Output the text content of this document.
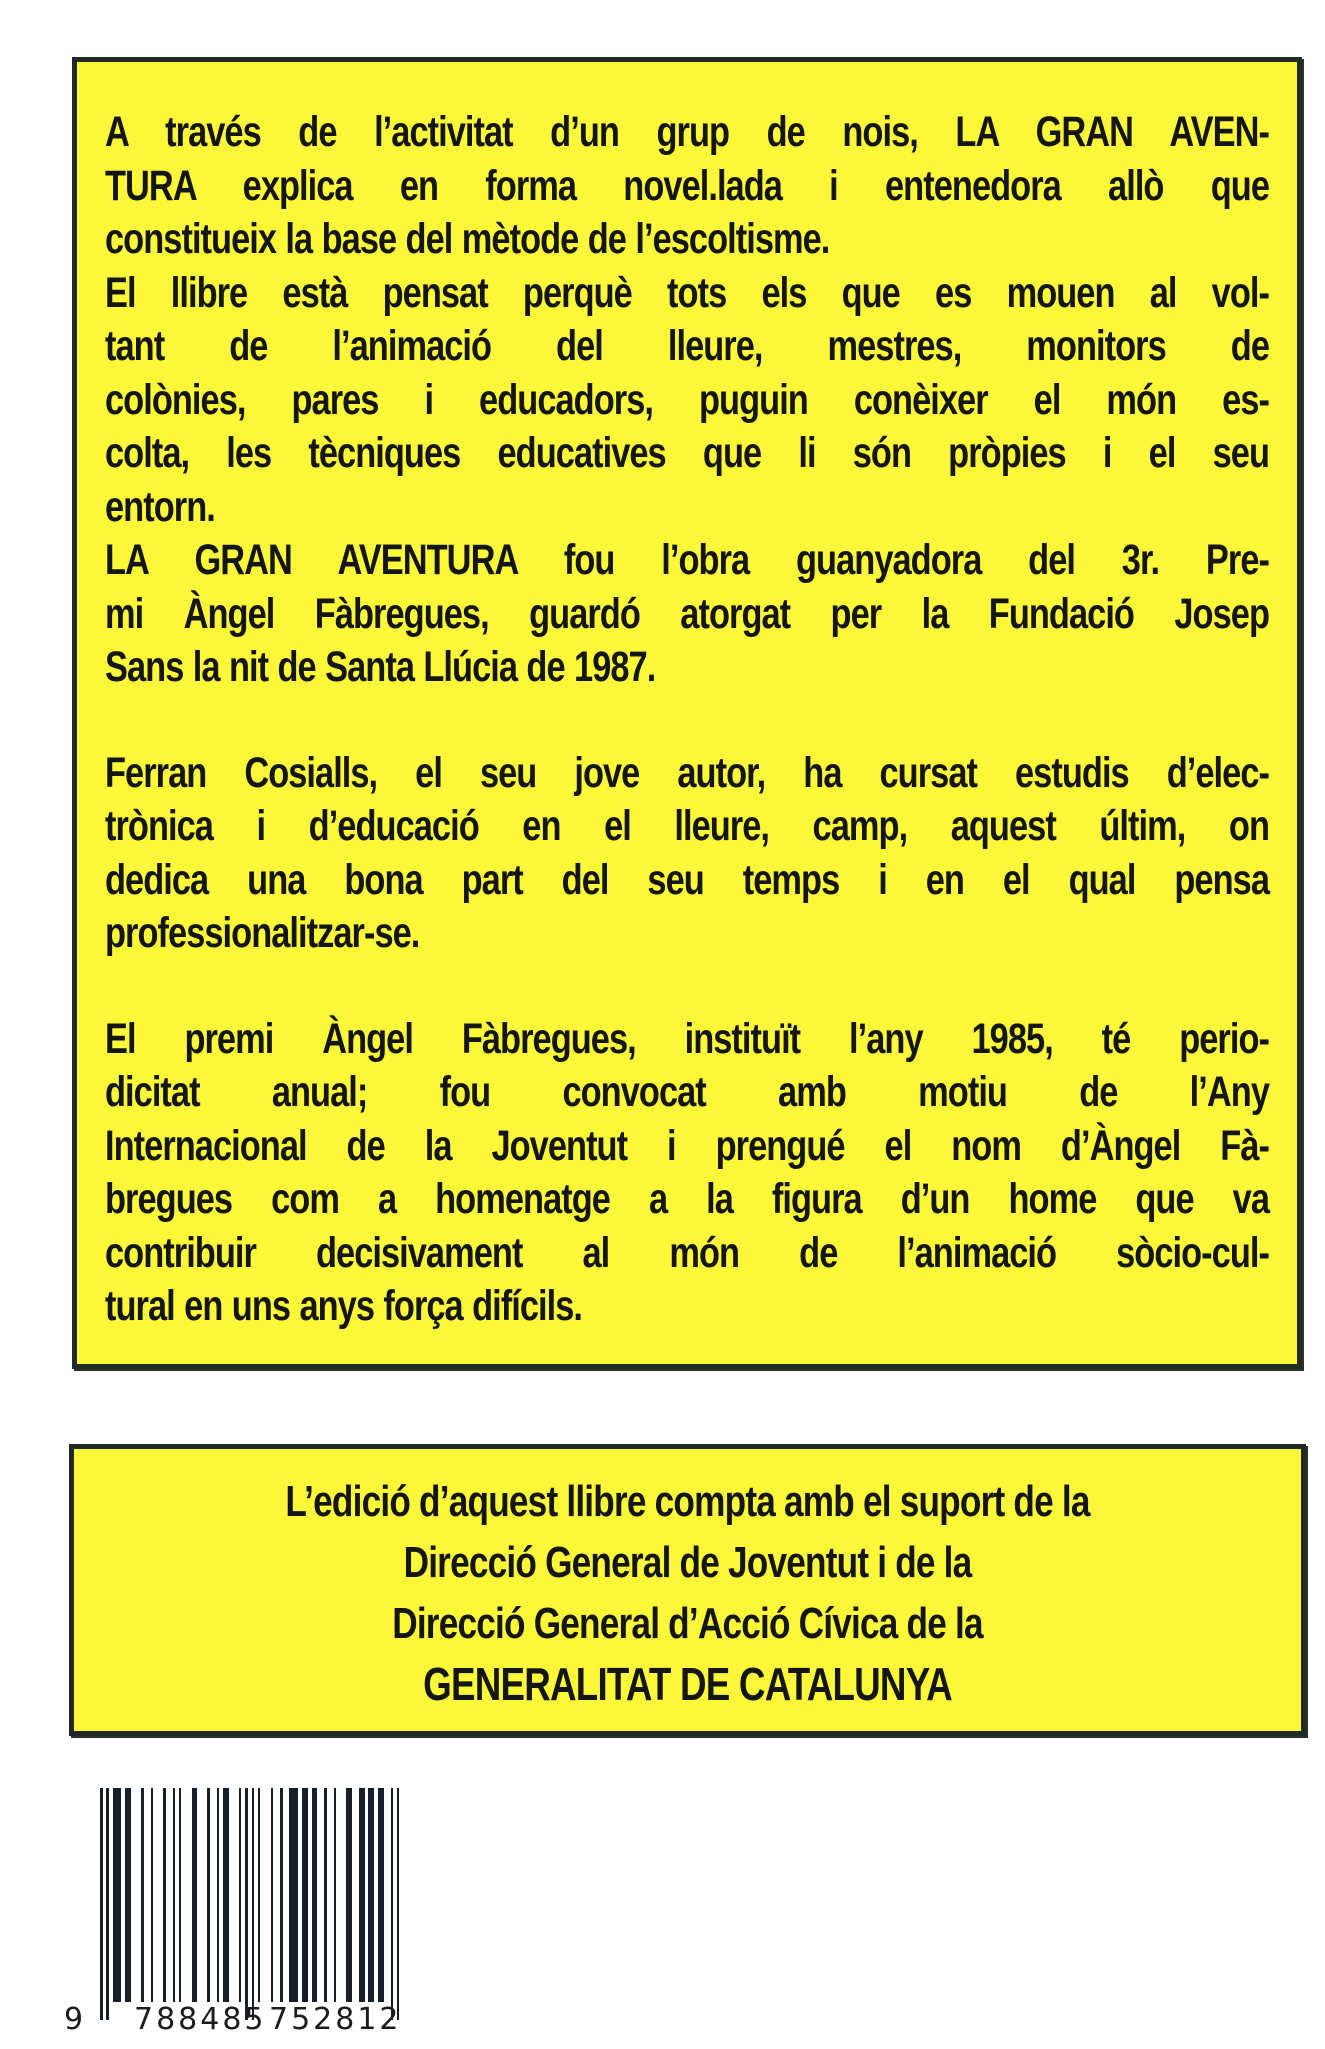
A través de l’activitat d’un grup de nois, LA GRAN AVEN-
TURA explica en forma novel.lada i entenedora allò que
constitueix la base del mètode de l’escoltisme.

El llibre està pensat perquè tots els que es mouen al vol-
tant de l’animació del lleure, mestres, monitors de
colònies, pares i educadors, puguin conèixer el món es-
colta, les tècniques educatives que li són pròpies i el seu
entorn.

LA GRAN AVENTURA fou l’obra guanyadora del 3r. Pre-
mi Àngel Fàbregues, guardó atorgat per la Fundació Josep
Sans la nit de Santa Llúcia de 1987.

Ferran Cosialls, el seu jove autor, ha cursat estudis d’elec-
trònica i d’educació en el lleure, camp, aquest últim, on
dedica una bona part del seu temps i en el qual pensa
professionalitzar-se.

El premi Àngel Fàbregues, instituït l’any 1985, té perio-
dicitat anual; fou convocat amb motiu de l’Any
Internacional de la Joventut i prengué el nom d’Àngel Fà-
bregues com a homenatge a la figura d’un home que va
contribuir decisivament al món de l’animació sòcio-cul-
tural en uns anys força difícils.

L’edició d’aquest llibre compta amb el suport de la
Direcció General de Joventut i de la
Direcció General d’Acció Cívica de la
GENERALITAT DE CATALUNYA
9 788485 752812
